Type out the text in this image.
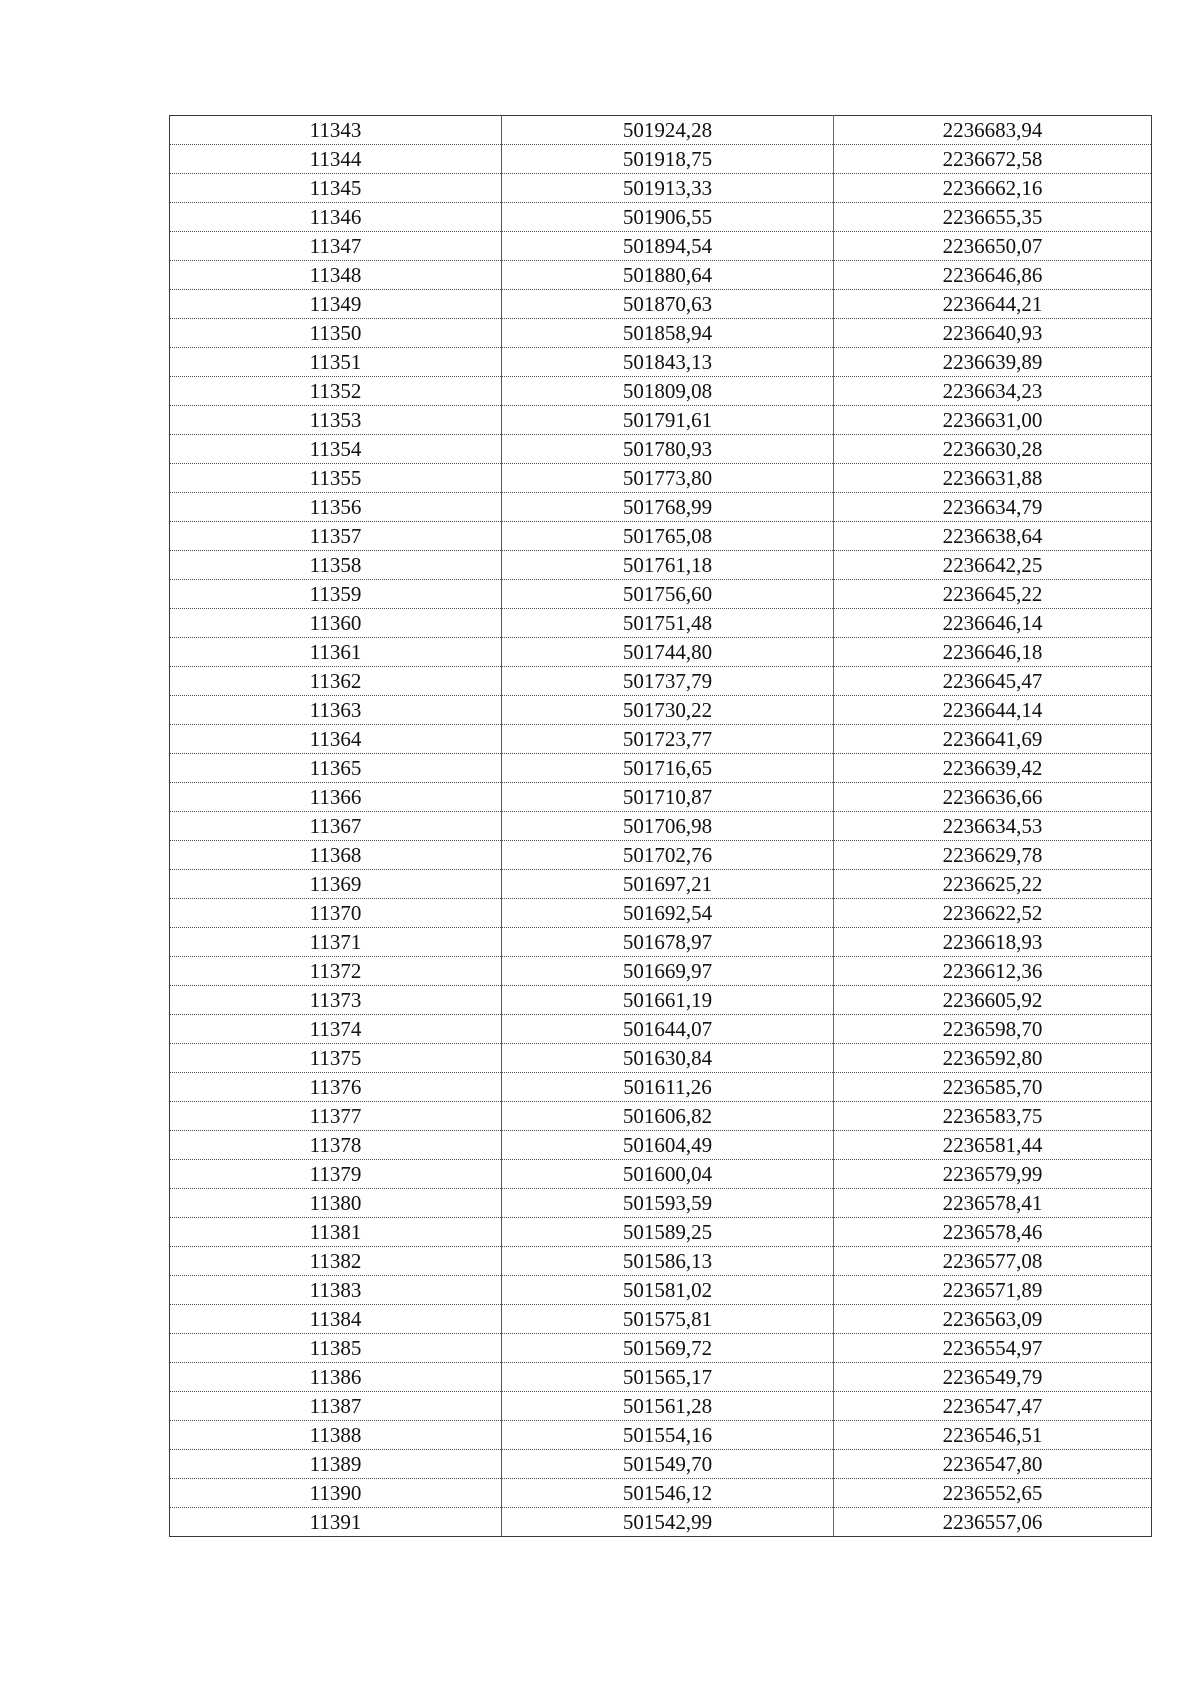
11343	501924,28	2236683,94
11344	501918,75	2236672,58
11345	501913,33	2236662,16
11346	501906,55	2236655,35
11347	501894,54	2236650,07
11348	501880,64	2236646,86
11349	501870,63	2236644,21
11350	501858,94	2236640,93
11351	501843,13	2236639,89
11352	501809,08	2236634,23
11353	501791,61	2236631,00
11354	501780,93	2236630,28
11355	501773,80	2236631,88
11356	501768,99	2236634,79
11357	501765,08	2236638,64
11358	501761,18	2236642,25
11359	501756,60	2236645,22
11360	501751,48	2236646,14
11361	501744,80	2236646,18
11362	501737,79	2236645,47
11363	501730,22	2236644,14
11364	501723,77	2236641,69
11365	501716,65	2236639,42
11366	501710,87	2236636,66
11367	501706,98	2236634,53
11368	501702,76	2236629,78
11369	501697,21	2236625,22
11370	501692,54	2236622,52
11371	501678,97	2236618,93
11372	501669,97	2236612,36
11373	501661,19	2236605,92
11374	501644,07	2236598,70
11375	501630,84	2236592,80
11376	501611,26	2236585,70
11377	501606,82	2236583,75
11378	501604,49	2236581,44
11379	501600,04	2236579,99
11380	501593,59	2236578,41
11381	501589,25	2236578,46
11382	501586,13	2236577,08
11383	501581,02	2236571,89
11384	501575,81	2236563,09
11385	501569,72	2236554,97
11386	501565,17	2236549,79
11387	501561,28	2236547,47
11388	501554,16	2236546,51
11389	501549,70	2236547,80
11390	501546,12	2236552,65
11391	501542,99	2236557,06
